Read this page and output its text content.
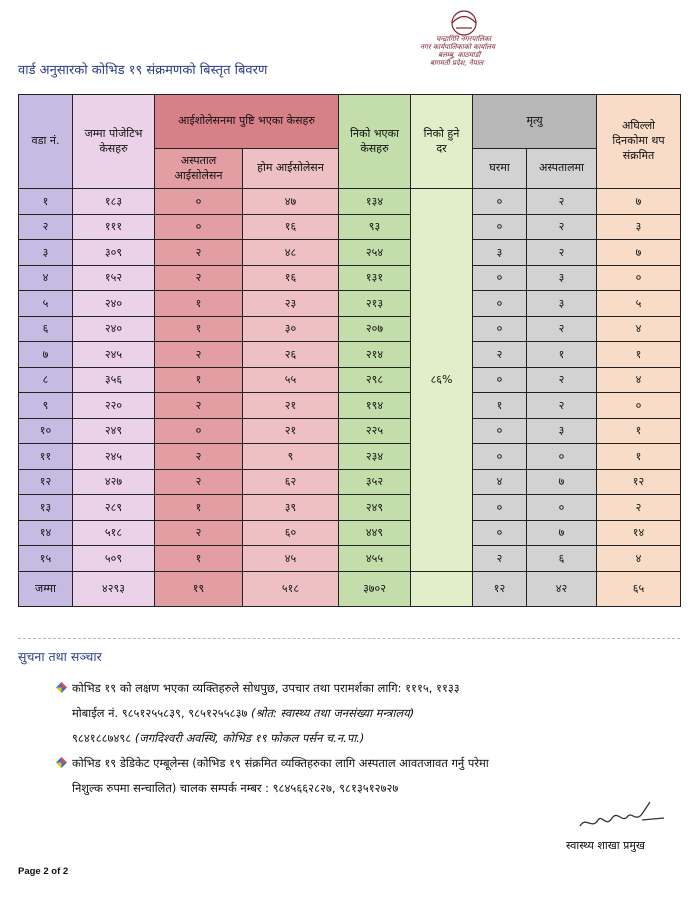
चन्द्रागिरि नगरपालिका
नगर कार्यपालिकाको कार्यालय
बलम्बु, काठमाडौं
बागमती प्रदेश, नेपाल
वार्ड अनुसारको कोभिड १९ संक्रमणको बिस्तृत बिवरण
वडा नं.	जम्मा पोजेटिभ केसहरु	आईशोलेसनमा पुष्टि भएका केसहरु		निको भएका केसहरु	निको हुने दर	मृत्यु		अघिल्लो दिनकोमा थप संक्रमित
		अस्पताल आईसोलेसन	होम आईसोलेसन			घरमा	अस्पतालमा	
१	१८३	०	४७	१३४	८६%	०	२	७
२	१११	०	१६	९३		०	२	३
३	३०९	२	४८	२५४		३	२	७
४	१५२	२	१६	१३१		०	३	०
५	२४०	१	२३	२१३		०	३	५
६	२४०	१	३०	२०७		०	२	४
७	२४५	२	२६	२१४		२	१	१
८	३५६	१	५५	२९८		०	२	४
९	२२०	२	२१	१९४		१	२	०
१०	२४९	०	२१	२२५		०	३	१
११	२४५	२	९	२३४		०	०	१
१२	४२७	२	६२	३५२		४	७	१२
१३	२८९	१	३९	२४९		०	०	२
१४	५१८	२	६०	४४९		०	७	१४
१५	५०९	१	४५	४५५		२	६	४
जम्मा	४२९३	१९	५१८	३७०२		१२	४२	६५
सुचना तथा सञ्चार
कोभिड १९ को लक्षण भएका व्यक्तिहरुले सोधपुछ, उपचार तथा परामर्शका लागि: १११५, ११३३
मोबाईल नं. ९८५१२५५८३९, ९८५१२५५८३७ (श्रोत: स्वास्थ्य तथा जनसंख्या मन्त्रालय)
९८४१८८७४९८ (जगदिश्वरी अवस्थि, कोभिड १९ फोकल पर्सन च.न.पा.)
कोभिड १९ डेडिकेट एम्बूलेन्स (कोभिड १९ संक्रमित व्यक्तिहरुका लागि अस्पताल आवतजावत गर्नु परेमा
निशुल्क रुपमा सन्चालित) चालक सम्पर्क नम्बर : ९८४५६६२८२७, ९८१३५१२७२७
स्वास्थ्य शाखा प्रमुख
Page 2 of 2
